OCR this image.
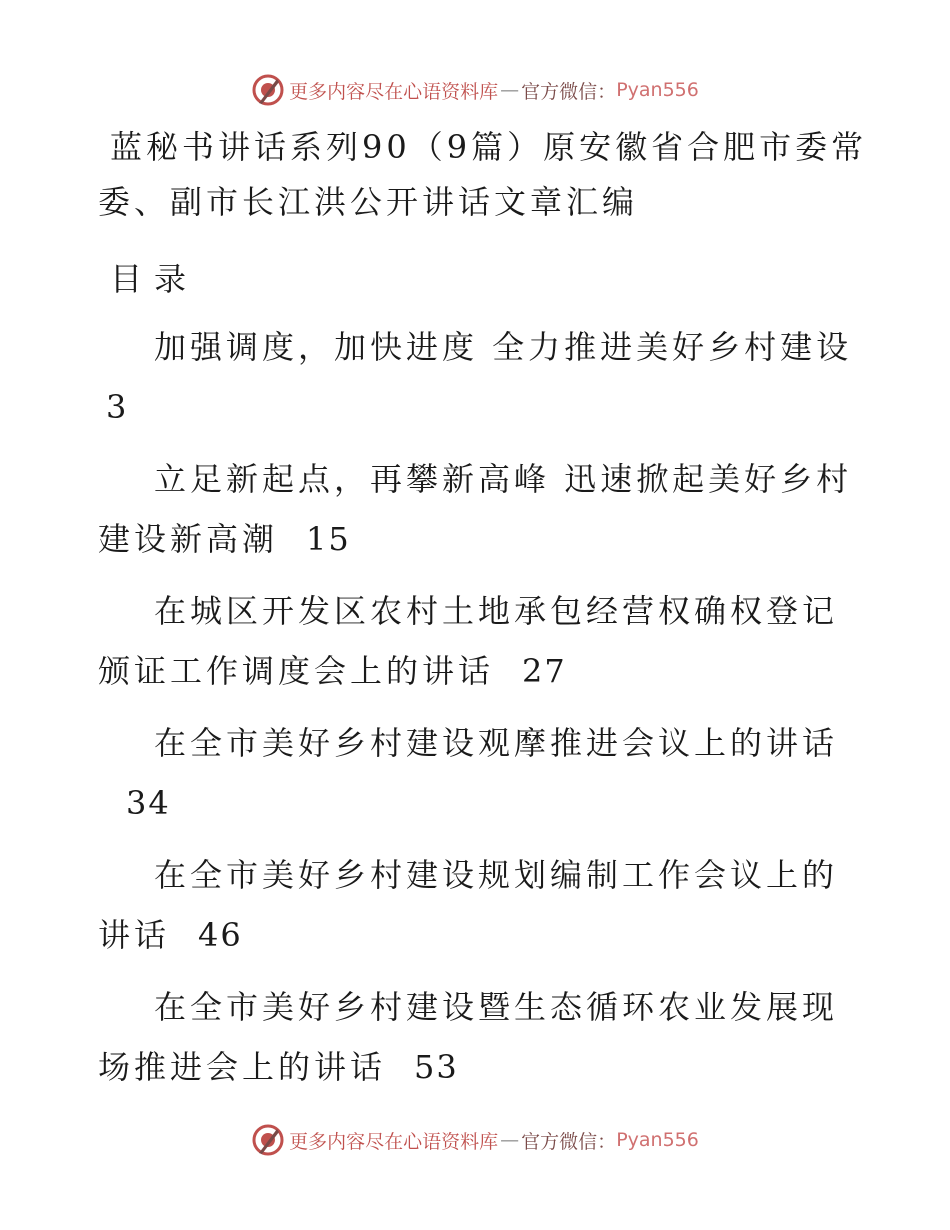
更多内容尽在心语资料库 — 官方微信： Pyan556
蓝秘书讲话系列90（9篇）原安徽省合肥市委常
委、副市长江洪公开讲话文章汇编
目录
加强调度，加快进度 全力推进美好乡村建设3
立足新起点，再攀新高峰 迅速掀起美好乡村建设新高潮 15
在城区开发区农村土地承包经营权确权登记颁证工作调度会上的讲话 27
在全市美好乡村建设观摩推进会议上的讲话34
在全市美好乡村建设规划编制工作会议上的讲话 46
在全市美好乡村建设暨生态循环农业发展现场推进会上的讲话 53
更多内容尽在心语资料库 — 官方微信： Pyan556
